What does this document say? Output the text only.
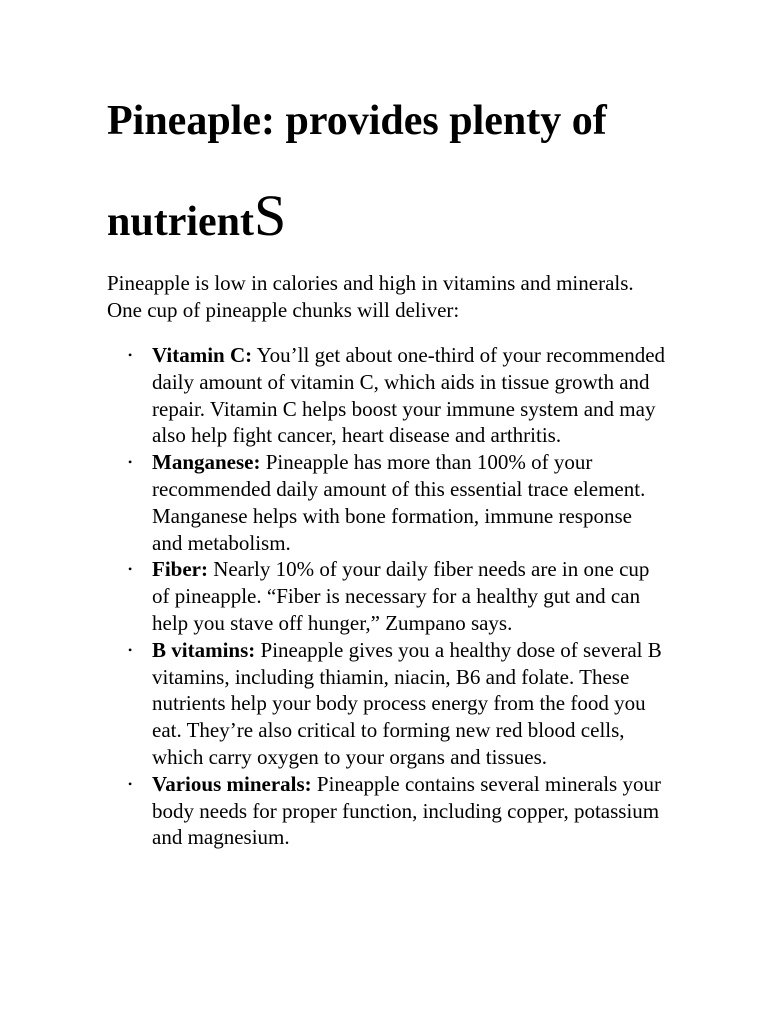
Pineaple: provides plenty of
nutrientS

Pineapple is low in calories and high in vitamins and minerals. One cup of pineapple chunks will deliver:

• Vitamin C: You’ll get about one-third of your recommended daily amount of vitamin C, which aids in tissue growth and repair. Vitamin C helps boost your immune system and may also help fight cancer, heart disease and arthritis.
• Manganese: Pineapple has more than 100% of your recommended daily amount of this essential trace element. Manganese helps with bone formation, immune response and metabolism.
• Fiber: Nearly 10% of your daily fiber needs are in one cup of pineapple. “Fiber is necessary for a healthy gut and can help you stave off hunger,” Zumpano says.
• B vitamins: Pineapple gives you a healthy dose of several B vitamins, including thiamin, niacin, B6 and folate. These nutrients help your body process energy from the food you eat. They’re also critical to forming new red blood cells, which carry oxygen to your organs and tissues.
• Various minerals: Pineapple contains several minerals your body needs for proper function, including copper, potassium and magnesium.
